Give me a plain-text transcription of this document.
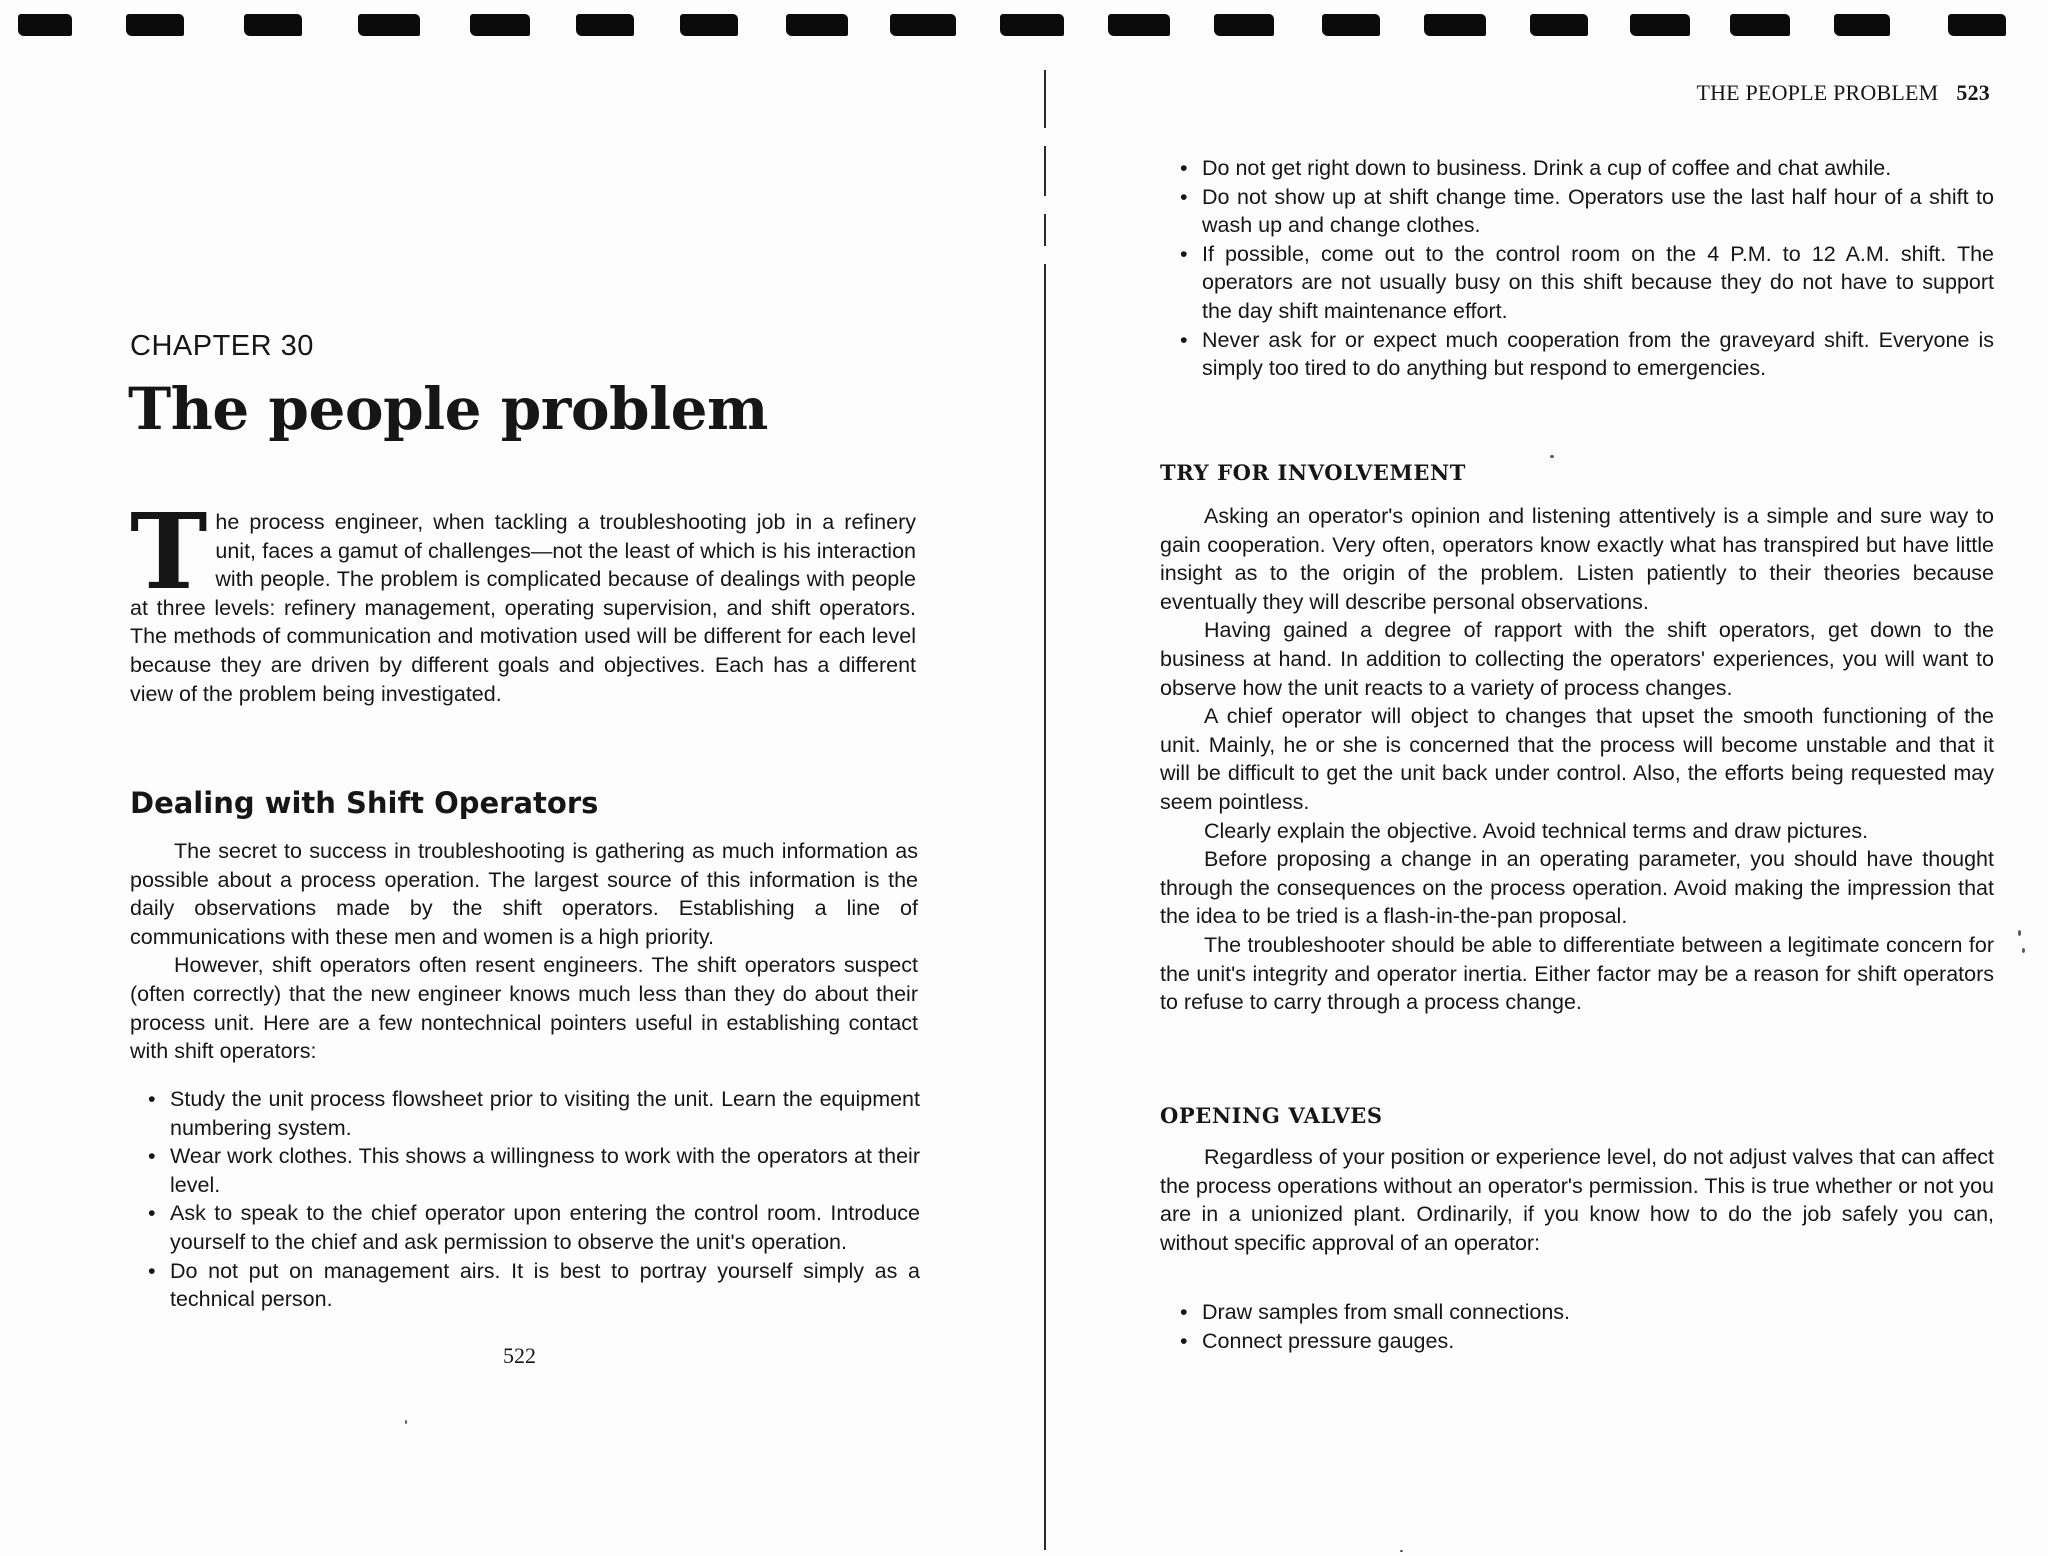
CHAPTER 30
The people problem

The process engineer, when tackling a troubleshooting job in a refinery unit, faces a gamut of challenges—not the least of which is his interaction with people. The problem is complicated because of dealings with people at three levels: refinery management, operating supervision, and shift operators. The methods of communication and motivation used will be different for each level because they are driven by different goals and objectives. Each has a different view of the problem being investigated.

Dealing with Shift Operators

The secret to success in troubleshooting is gathering as much information as possible about a process operation. The largest source of this information is the daily observations made by the shift operators. Establishing a line of communications with these men and women is a high priority.

However, shift operators often resent engineers. The shift operators suspect (often correctly) that the new engineer knows much less than they do about their process unit. Here are a few nontechnical pointers useful in establishing contact with shift operators:

• Study the unit process flowsheet prior to visiting the unit. Learn the equipment numbering system.
• Wear work clothes. This shows a willingness to work with the operators at their level.
• Ask to speak to the chief operator upon entering the control room. Introduce yourself to the chief and ask permission to observe the unit's operation.
• Do not put on management airs. It is best to portray yourself simply as a technical person.
522
THE PEOPLE PROBLEM 523
• Do not get right down to business. Drink a cup of coffee and chat awhile.
• Do not show up at shift change time. Operators use the last half hour of a shift to wash up and change clothes.
• If possible, come out to the control room on the 4 P.M. to 12 A.M. shift. The operators are not usually busy on this shift because they do not have to support the day shift maintenance effort.
• Never ask for or expect much cooperation from the graveyard shift. Everyone is simply too tired to do anything but respond to emergencies.
TRY FOR INVOLVEMENT

Asking an operator's opinion and listening attentively is a simple and sure way to gain cooperation. Very often, operators know exactly what has transpired but have little insight as to the origin of the problem. Listen patiently to their theories because eventually they will describe personal observations.

Having gained a degree of rapport with the shift operators, get down to the business at hand. In addition to collecting the operators' experiences, you will want to observe how the unit reacts to a variety of process changes.

A chief operator will object to changes that upset the smooth functioning of the unit. Mainly, he or she is concerned that the process will become unstable and that it will be difficult to get the unit back under control. Also, the efforts being requested may seem pointless.

Clearly explain the objective. Avoid technical terms and draw pictures.

Before proposing a change in an operating parameter, you should have thought through the consequences on the process operation. Avoid making the impression that the idea to be tried is a flash-in-the-pan proposal.

The troubleshooter should be able to differentiate between a legitimate concern for the unit's integrity and operator inertia. Either factor may be a reason for shift operators to refuse to carry through a process change.

OPENING VALVES

Regardless of your position or experience level, do not adjust valves that can affect the process operations without an operator's permission. This is true whether or not you are in a unionized plant. Ordinarily, if you know how to do the job safely you can, without specific approval of an operator:

• Draw samples from small connections.
• Connect pressure gauges.
